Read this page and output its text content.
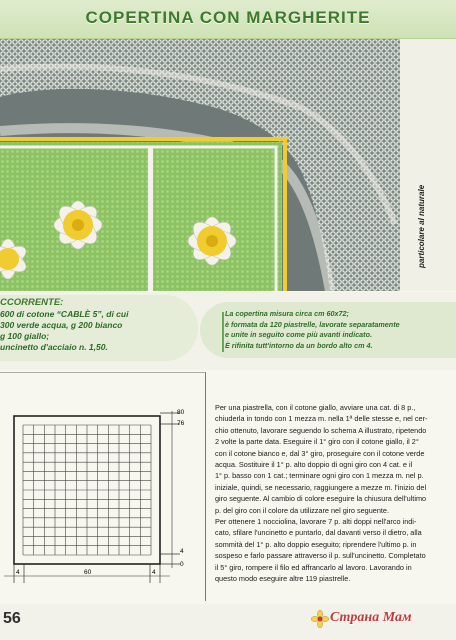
COPERTINA CON MARGHERITE
particolare al naturale
CCORRENTE:
600 di cotone “CABLÈ 5”, di cui
300 verde acqua, g 200 bianco
g 100 giallo;
uncinetto d'acciaio n. 1,50.
La copertina misura circa cm 60x72;
è formata da 120 piastrelle, lavorate separatamente
e unite in seguito come più avanti indicato.
È rifinita tutt'intorno da un bordo alto cm 4.
80
76
4
0
4	60	4

Per una piastrella, con il cotone giallo, avviare una cat. di 8 p.,

chiuderla in tondo con 1 mezza m. nella 1ª delle stesse e, nel cer-

chio ottenuto, lavorare seguendo lo schema A illustrato, ripetendo

2 volte la parte data. Eseguire il 1° giro con il cotone giallo, il 2°

con il cotone bianco e, dal 3° giro, proseguire con il cotone verde

acqua. Sostituire il 1° p. alto doppio di ogni giro con 4 cat. e il

1° p. basso con 1 cat.; terminare ogni giro con 1 mezza m. nel p.

iniziale, quindi, se necessario, raggiungere a mezze m. l'inizio del

giro seguente. Al cambio di colore eseguire la chiusura dell'ultimo

p. del giro con il colore da utilizzare nel giro seguente.

Per ottenere 1 nocciolina, lavorare 7 p. alti doppi nell'arco indi-

cato, sfilare l'uncinetto e puntarlo, dal davanti verso il dietro, alla

sommità del 1° p. alto doppio eseguito; riprendere l'ultimo p. in

sospeso e farlo passare attraverso il p. sull'uncinetto. Completato

il 5° giro, rompere il filo ed affrancarlo al lavoro. Lavorando in

questo modo eseguire altre 119 piastrelle.

56	Страна Мам
